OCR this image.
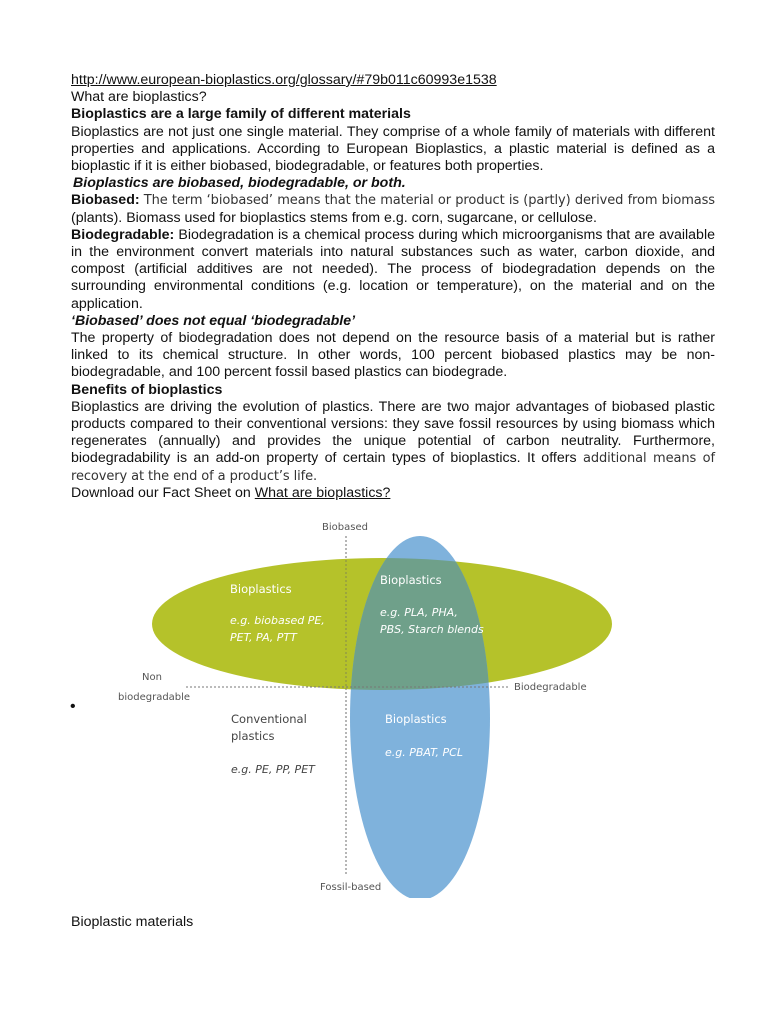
http://www.european-bioplastics.org/glossary/#79b011c60993e1538

What are bioplastics?

Bioplastics are a large family of different materials

Bioplastics are not just one single material. They comprise of a whole family of materials with different properties and applications. According to European Bioplastics, a plastic material is defined as a bioplastic if it is either biobased, biodegradable, or features both properties.

Bioplastics are biobased, biodegradable, or both.

Biobased: The term ‘biobased’ means that the material or product is (partly) derived from biomass (plants). Biomass used for bioplastics stems from e.g. corn, sugarcane, or cellulose.

Biodegradable: Biodegradation is a chemical process during which microorganisms that are available in the environment convert materials into natural substances such as water, carbon dioxide, and compost (artificial additives are not needed). The process of biodegradation depends on the surrounding environmental conditions (e.g. location or temperature), on the material and on the application.

‘Biobased’ does not equal ‘biodegradable’

The property of biodegradation does not depend on the resource basis of a material but is rather linked to its chemical structure. In other words, 100 percent biobased plastics may be non-biodegradable, and 100 percent fossil based plastics can biodegrade.

Benefits of bioplastics

Bioplastics are driving the evolution of plastics. There are two major advantages of biobased plastic products compared to their conventional versions: they save fossil resources by using biomass which regenerates (annually) and provides the unique potential of carbon neutrality. Furthermore, biodegradability is an add-on property of certain types of bioplastics. It offers additional means of recovery at the end of a product’s life.

Download our Fact Sheet on What are bioplastics?

Biobased
Fossil-based
Non
biodegradable
Biodegradable
Bioplastics
e.g. biobased PE,
PET, PA, PTT
Bioplastics
e.g. PLA, PHA,
PBS, Starch blends
Conventional
plastics
e.g. PE, PP, PET
Bioplastics
e.g. PBAT, PCL
•
Bioplastic materials
